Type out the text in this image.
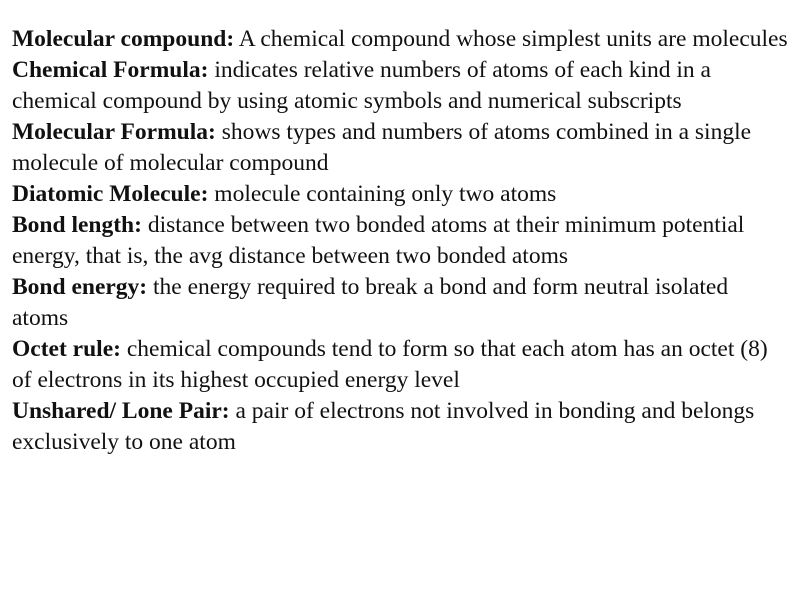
Molecular compound: A chemical compound whose simplest units are molecules

Chemical Formula: indicates relative numbers of atoms of each kind in a chemical compound by using atomic symbols and numerical subscripts

Molecular Formula: shows types and numbers of atoms combined in a single molecule of molecular compound

Diatomic Molecule: molecule containing only two atoms

Bond length: distance between two bonded atoms at their minimum potential energy, that is, the avg distance between two bonded atoms

Bond energy: the energy required to break a bond and form neutral isolated atoms

Octet rule: chemical compounds tend to form so that each atom has an octet (8) of electrons in its highest occupied energy level

Unshared/ Lone Pair: a pair of electrons not involved in bonding and belongs exclusively to one atom
